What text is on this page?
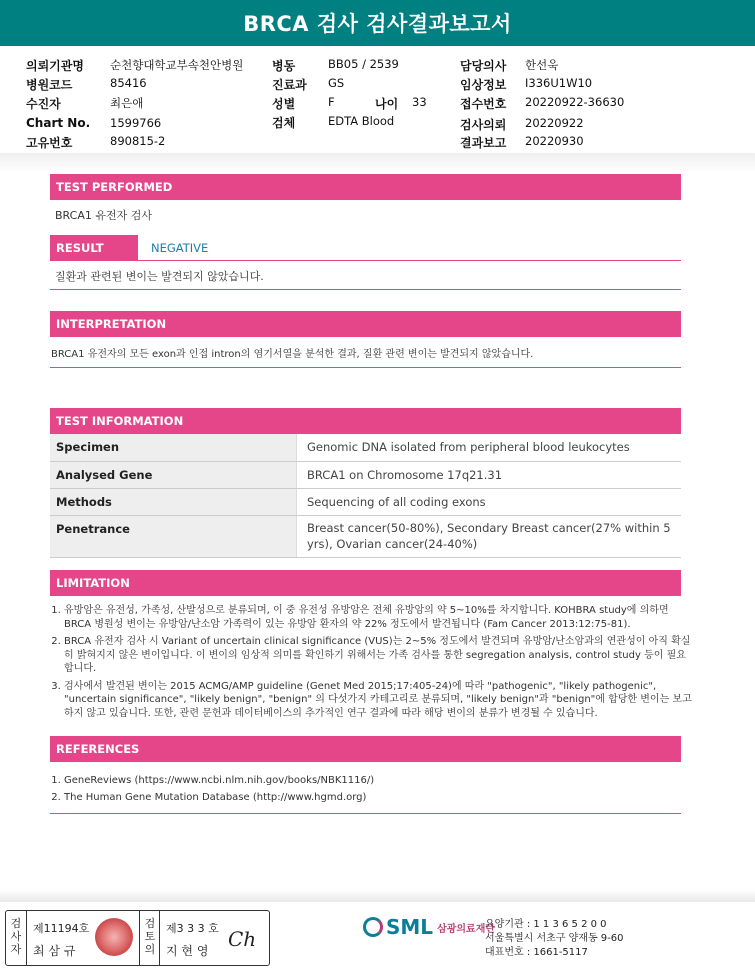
BRCA 검사 검사결과보고서
의뢰기관명 순천향대학교부속천안병원
병원코드	85416
수진자	최은애
Chart No. 1599766
고유번호	890815-2
병동	BB05 / 2539
진료과 GS
성별	F	나이 33
검체	EDTA Blood
담당의사 한선욱
임상정보 I336U1W10
접수번호 20220922-36630
검사의뢰 20220922
결과보고 20220930
TEST PERFORMED
BRCA1 유전자 검사
RESULT	NEGATIVE
질환과 관련된 변이는 발견되지 않았습니다.
INTERPRETATION
BRCA1 유전자의 모든 exon과 인접 intron의 염기서열을 분석한 결과, 질환 관련 변이는 발견되지 않았습니다.
TEST INFORMATION
Specimen	Genomic DNA isolated from peripheral blood leukocytes
Analysed Gene	BRCA1 on Chromosome 17q21.31
Methods	Sequencing of all coding exons
Penetrance	Breast cancer(50-80%), Secondary Breast cancer(27% within 5 yrs), Ovarian cancer(24-40%)
LIMITATION
1. 유방암은 유전성, 가족성, 산발성으로 분류되며, 이 중 유전성 유방암은 전체 유방암의 약 5~10%를 차지합니다. KOHBRA study에 의하면 BRCA 병원성 변이는 유방암/난소암 가족력이 있는 유방암 환자의 약 22% 정도에서 발견됩니다 (Fam Cancer 2013:12:75-81).
2. BRCA 유전자 검사 시 Variant of uncertain clinical significance (VUS)는 2~5% 정도에서 발견되며 유방암/난소암과의 연관성이 아직 확실히 밝혀지지 않은 변이입니다. 이 변이의 임상적 의미를 확인하기 위해서는 가족 검사를 통한 segregation analysis, control study 등이 필요합니다.
3. 검사에서 발견된 변이는 2015 ACMG/AMP guideline (Genet Med 2015;17:405-24)에 따라 "pathogenic", "likely pathogenic", "uncertain significance", "likely benign", "benign" 의 다섯가지 카테고리로 분류되며, "likely benign"과 "benign"에 합당한 변이는 보고하지 않고 있습니다. 또한, 관련 문헌과 데이터베이스의 추가적인 연구 결과에 따라 해당 변이의 분류가 변경될 수 있습니다.
REFERENCES
1. GeneReviews (https://www.ncbi.nlm.nih.gov/books/NBK1116/)
2. The Human Gene Mutation Database (http://www.hgmd.org)
검사자
제11194호
최 삼 규
검토의
제3 3 3 호
지 현 영 Ch	SML 삼광의료재단
요양기관 : 1 1 3 6 5 2 0 0
서울특별시 서초구 양재동 9-60
대표번호 : 1661-5117
